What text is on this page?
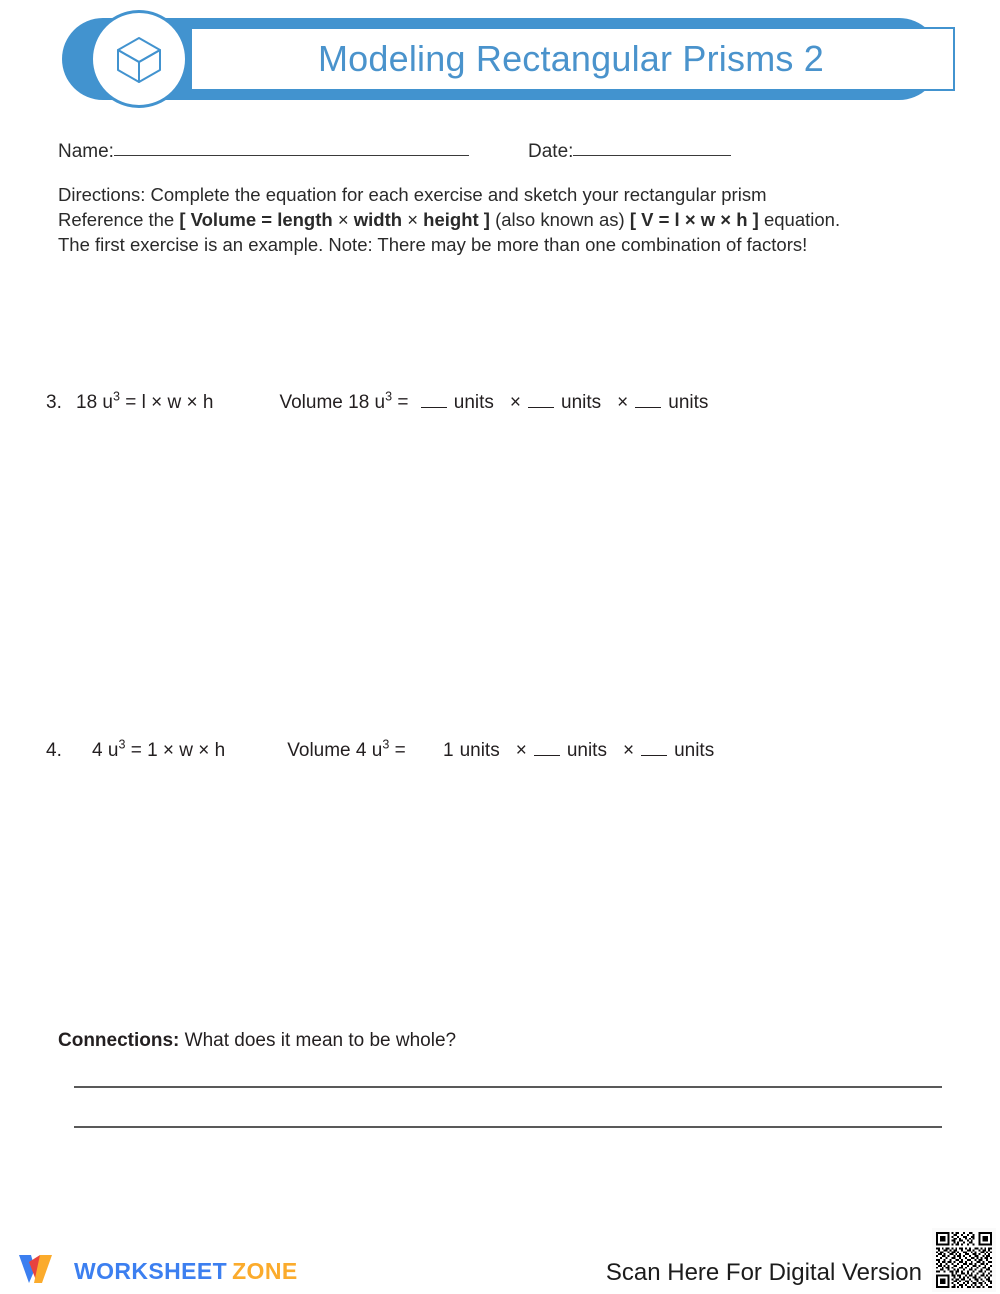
Modeling Rectangular Prisms 2
Name:	Date:
Directions: Complete the equation for each exercise and sketch your rectangular prism
Reference the [ Volume = length × width × height ] (also known as) [ V = l × w × h ] equation.
The first exercise is an example. Note: There may be more than one combination of factors!
3. 18 $u^3 = l \times w \times h$	Volume 18 $u^3$ = units × units × units
4. 4 $u^3 = 1 \times w \times h$	Volume 4 $u^3 = 1$ units × units × units
Connections: What does it mean to be whole?
WORKSHEET ZONE	Scan Here For Digital Version
